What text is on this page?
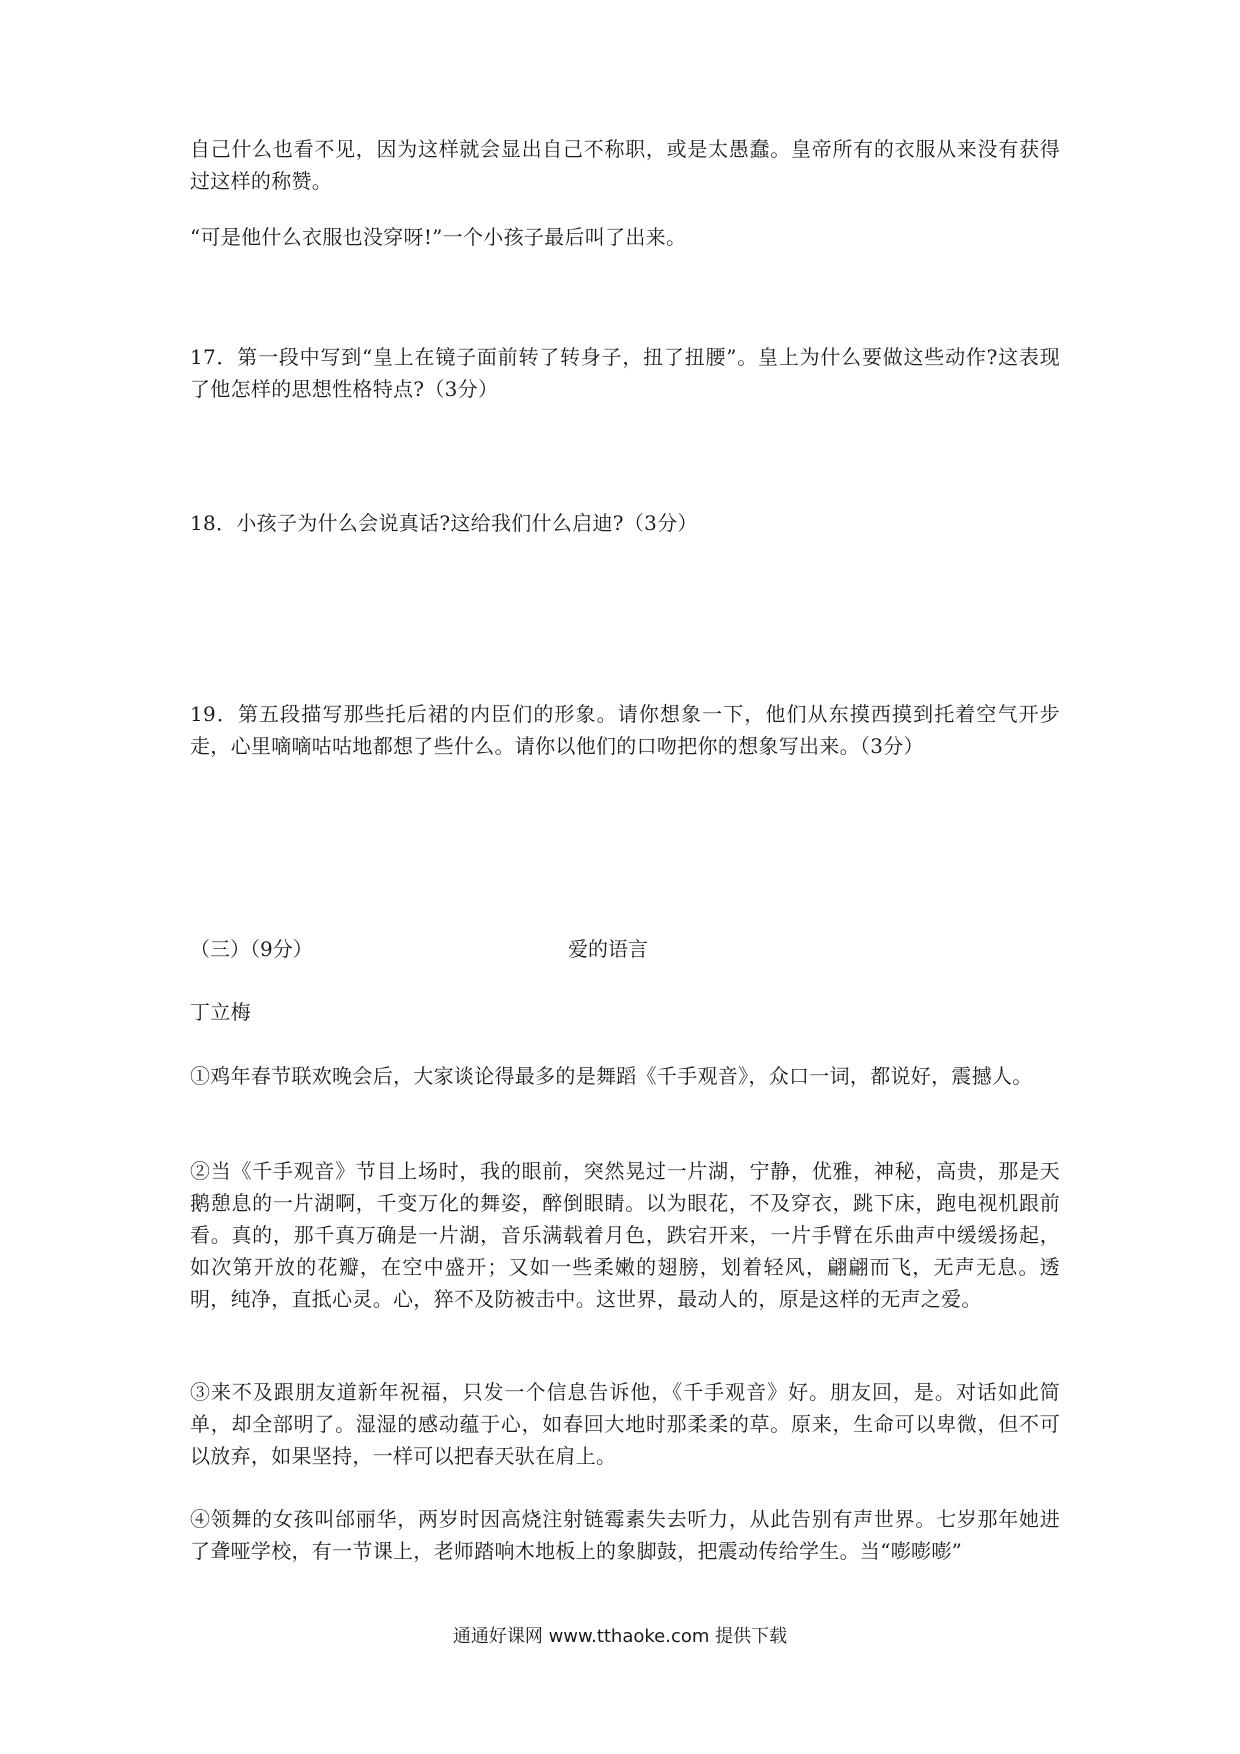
自己什么也看不见，因为这样就会显出自己不称职，或是太愚蠢。皇帝所有的衣服从来没有获得过这样的称赞。

“可是他什么衣服也没穿呀!”一个小孩子最后叫了出来。

17．第一段中写到“皇上在镜子面前转了转身子，扭了扭腰”。皇上为什么要做这些动作?这表现了他怎样的思想性格特点?（3分）

18．小孩子为什么会说真话?这给我们什么启迪?（3分）

19．第五段描写那些托后裙的内臣们的形象。请你想象一下，他们从东摸西摸到托着空气开步走，心里嘀嘀咕咕地都想了些什么。请你以他们的口吻把你的想象写出来。（3分）

（三）（9分）	爱的语言

丁立梅

①鸡年春节联欢晚会后，大家谈论得最多的是舞蹈《千手观音》，众口一词，都说好，震撼人。

②当《千手观音》节目上场时，我的眼前，突然晃过一片湖，宁静，优雅，神秘，高贵，那是天鹅憩息的一片湖啊，千变万化的舞姿，醉倒眼睛。以为眼花，不及穿衣，跳下床，跑电视机跟前看。真的，那千真万确是一片湖，音乐满载着月色，跌宕开来，一片手臂在乐曲声中缓缓扬起，如次第开放的花瓣，在空中盛开；又如一些柔嫩的翅膀，划着轻风，翩翩而飞，无声无息。透明，纯净，直抵心灵。心，猝不及防被击中。这世界，最动人的，原是这样的无声之爱。

③来不及跟朋友道新年祝福，只发一个信息告诉他，《千手观音》好。朋友回，是。对话如此简单，却全部明了。湿湿的感动蕴于心，如春回大地时那柔柔的草。原来，生命可以卑微，但不可以放弃，如果坚持，一样可以把春天驮在肩上。

④领舞的女孩叫邰丽华，两岁时因高烧注射链霉素失去听力，从此告别有声世界。七岁那年她进了聋哑学校，有一节课上，老师踏响木地板上的象脚鼓，把震动传给学生。当“嘭嘭嘭”

通通好课网 www.tthaoke.com 提供下载
